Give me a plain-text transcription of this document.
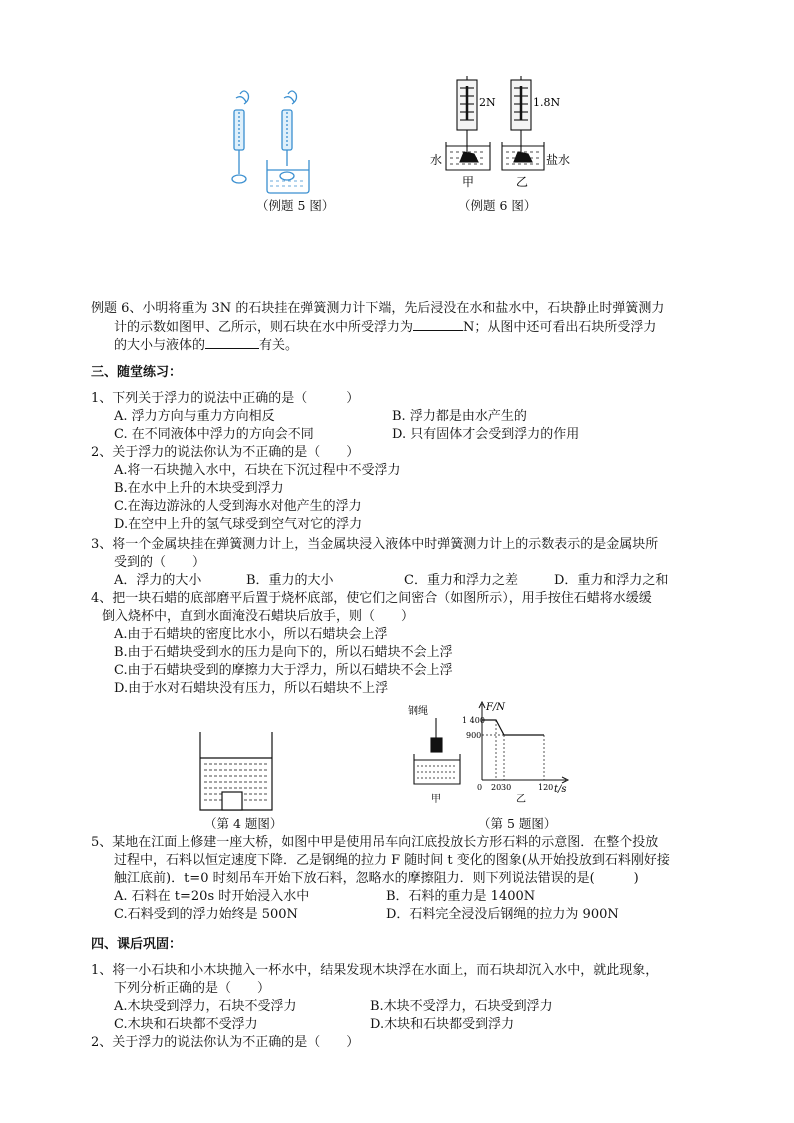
（例题 5 图）
2N	1.8N
水	盐水
甲	乙
（例题 6 图）
例题 6、小明将重为 3N 的石块挂在弹簧测力计下端，先后浸没在水和盐水中，石块静止时弹簧测力
计的示数如图甲、乙所示，则石块在水中所受浮力为	N；从图中还可看出石块所受浮力
的大小与液体的	有关。
三、随堂练习：
1、下列关于浮力的说法中正确的是（　　　）
A. 浮力方向与重力方向相反	B. 浮力都是由水产生的
C. 在不同液体中浮力的方向会不同	D. 只有固体才会受到浮力的作用
2、关于浮力的说法你认为不正确的是（　　）
A.将一石块抛入水中，石块在下沉过程中不受浮力
B.在水中上升的木块受到浮力
C.在海边游泳的人受到海水对他产生的浮力
D.在空中上升的氢气球受到空气对它的浮力
3、将一个金属块挂在弹簧测力计上，当金属块浸入液体中时弹簧测力计上的示数表示的是金属块所
受到的（　　）
A．浮力的大小	B．重力的大小	C．重力和浮力之差	D．重力和浮力之和
4、把一块石蜡的底部磨平后置于烧杯底部，使它们之间密合（如图所示），用手按住石蜡将水缓缓
倒入烧杯中，直到水面淹没石蜡块后放手，则（　　）
A.由于石蜡块的密度比水小，所以石蜡块会上浮
B.由于石蜡块受到水的压力是向下的，所以石蜡块不会上浮
C.由于石蜡块受到的摩擦力大于浮力，所以石蜡块不会上浮
D.由于水对石蜡块没有压力，所以石蜡块不上浮
（第 4 题图）
钢绳
甲
F/N
1 400
900
0 20 30	120 t/s
乙
（第 5 题图）
5、某地在江面上修建一座大桥，如图中甲是使用吊车向江底投放长方形石料的示意图．在整个投放
过程中，石料以恒定速度下降．乙是钢绳的拉力 F 随时间 t 变化的图象(从开始投放到石料刚好接
触江底前)．t=0 时刻吊车开始下放石料，忽略水的摩擦阻力．则下列说法错误的是(　　　)
A. 石料在 t=20s 时开始浸入水中	B．石料的重力是 1400N
C.石料受到的浮力始终是 500N	D．石料完全浸没后钢绳的拉力为 900N
四、课后巩固：
1、将一小石块和小木块抛入一杯水中，结果发现木块浮在水面上，而石块却沉入水中，就此现象，
下列分析正确的是（　　）
A.木块受到浮力，石块不受浮力	B.木块不受浮力，石块受到浮力
C.木块和石块都不受浮力	D.木块和石块都受到浮力
2、关于浮力的说法你认为不正确的是（　　）
